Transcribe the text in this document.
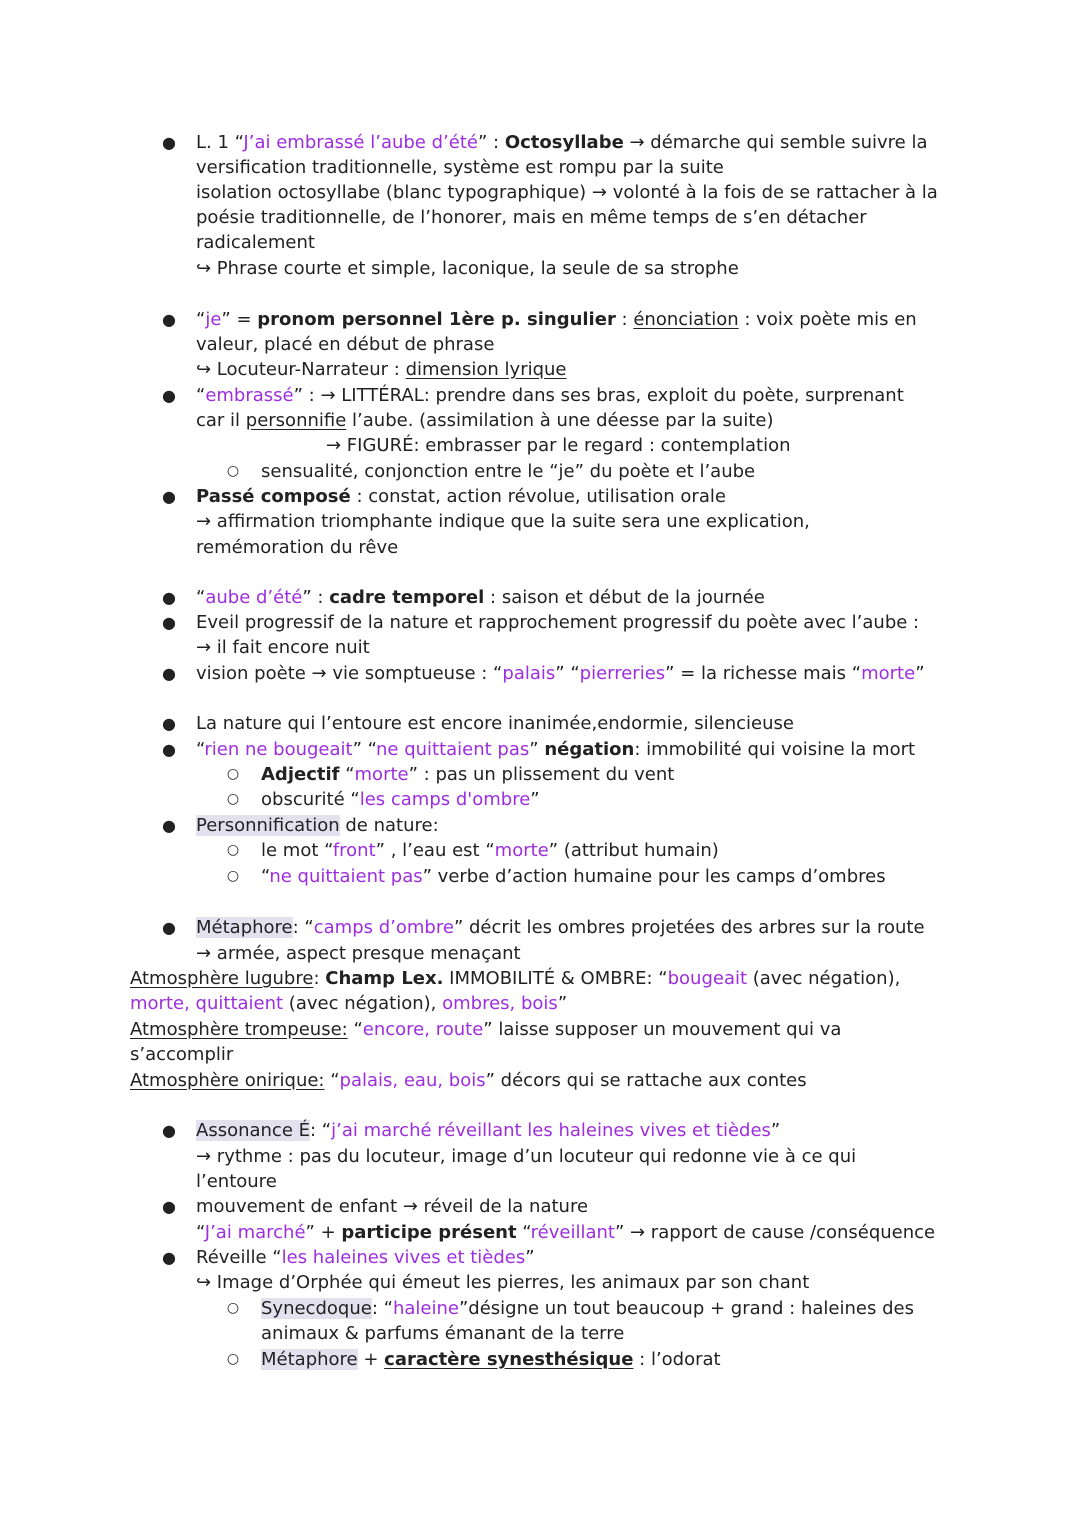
● L. 1 “J’ai embrassé l’aube d’été” : Octosyllabe → démarche qui semble suivre la
versification traditionnelle, système est rompu par la suite
isolation octosyllabe (blanc typographique) → volonté à la fois de se rattacher à la
poésie traditionnelle, de l’honorer, mais en même temps de s’en détacher
radicalement
↪ Phrase courte et simple, laconique, la seule de sa strophe
● “je” = pronom personnel 1ère p. singulier : énonciation : voix poète mis en
valeur, placé en début de phrase
↪ Locuteur-Narrateur : dimension lyrique
● “embrassé” : → LITTÉRAL: prendre dans ses bras, exploit du poète, surprenant
car il personnifie l’aube. (assimilation à une déesse par la suite)
→ FIGURÉ: embrasser par le regard : contemplation
○ sensualité, conjonction entre le “je” du poète et l’aube
● Passé composé : constat, action révolue, utilisation orale
→ affirmation triomphante indique que la suite sera une explication,
remémoration du rêve
● “aube d’été” : cadre temporel : saison et début de la journée
● Eveil progressif de la nature et rapprochement progressif du poète avec l’aube :
→ il fait encore nuit
● vision poète → vie somptueuse : “palais” “pierreries” = la richesse mais “morte”
● La nature qui l’entoure est encore inanimée,endormie, silencieuse
● “rien ne bougeait” “ne quittaient pas” négation: immobilité qui voisine la mort
○ Adjectif “morte” : pas un plissement du vent
○ obscurité “les camps d'ombre”
● Personnification de nature:
○ le mot “front” , l’eau est “morte” (attribut humain)
○ “ne quittaient pas” verbe d’action humaine pour les camps d’ombres
● Métaphore: “camps d’ombre” décrit les ombres projetées des arbres sur la route
→ armée, aspect presque menaçant
Atmosphère lugubre: Champ Lex. IMMOBILITÉ & OMBRE: “bougeait (avec négation),
morte, quittaient (avec négation), ombres, bois”
Atmosphère trompeuse: “encore, route” laisse supposer un mouvement qui va
s’accomplir
Atmosphère onirique: “palais, eau, bois” décors qui se rattache aux contes
● Assonance É: “j’ai marché réveillant les haleines vives et tièdes”
→ rythme : pas du locuteur, image d’un locuteur qui redonne vie à ce qui
l’entoure
● mouvement de enfant → réveil de la nature
“J’ai marché” + participe présent “réveillant” → rapport de cause /conséquence
● Réveille “les haleines vives et tièdes”
↪ Image d’Orphée qui émeut les pierres, les animaux par son chant
○ Synecdoque: “haleine”désigne un tout beaucoup + grand : haleines des
animaux & parfums émanant de la terre
○ Métaphore + caractère synesthésique : l’odorat
